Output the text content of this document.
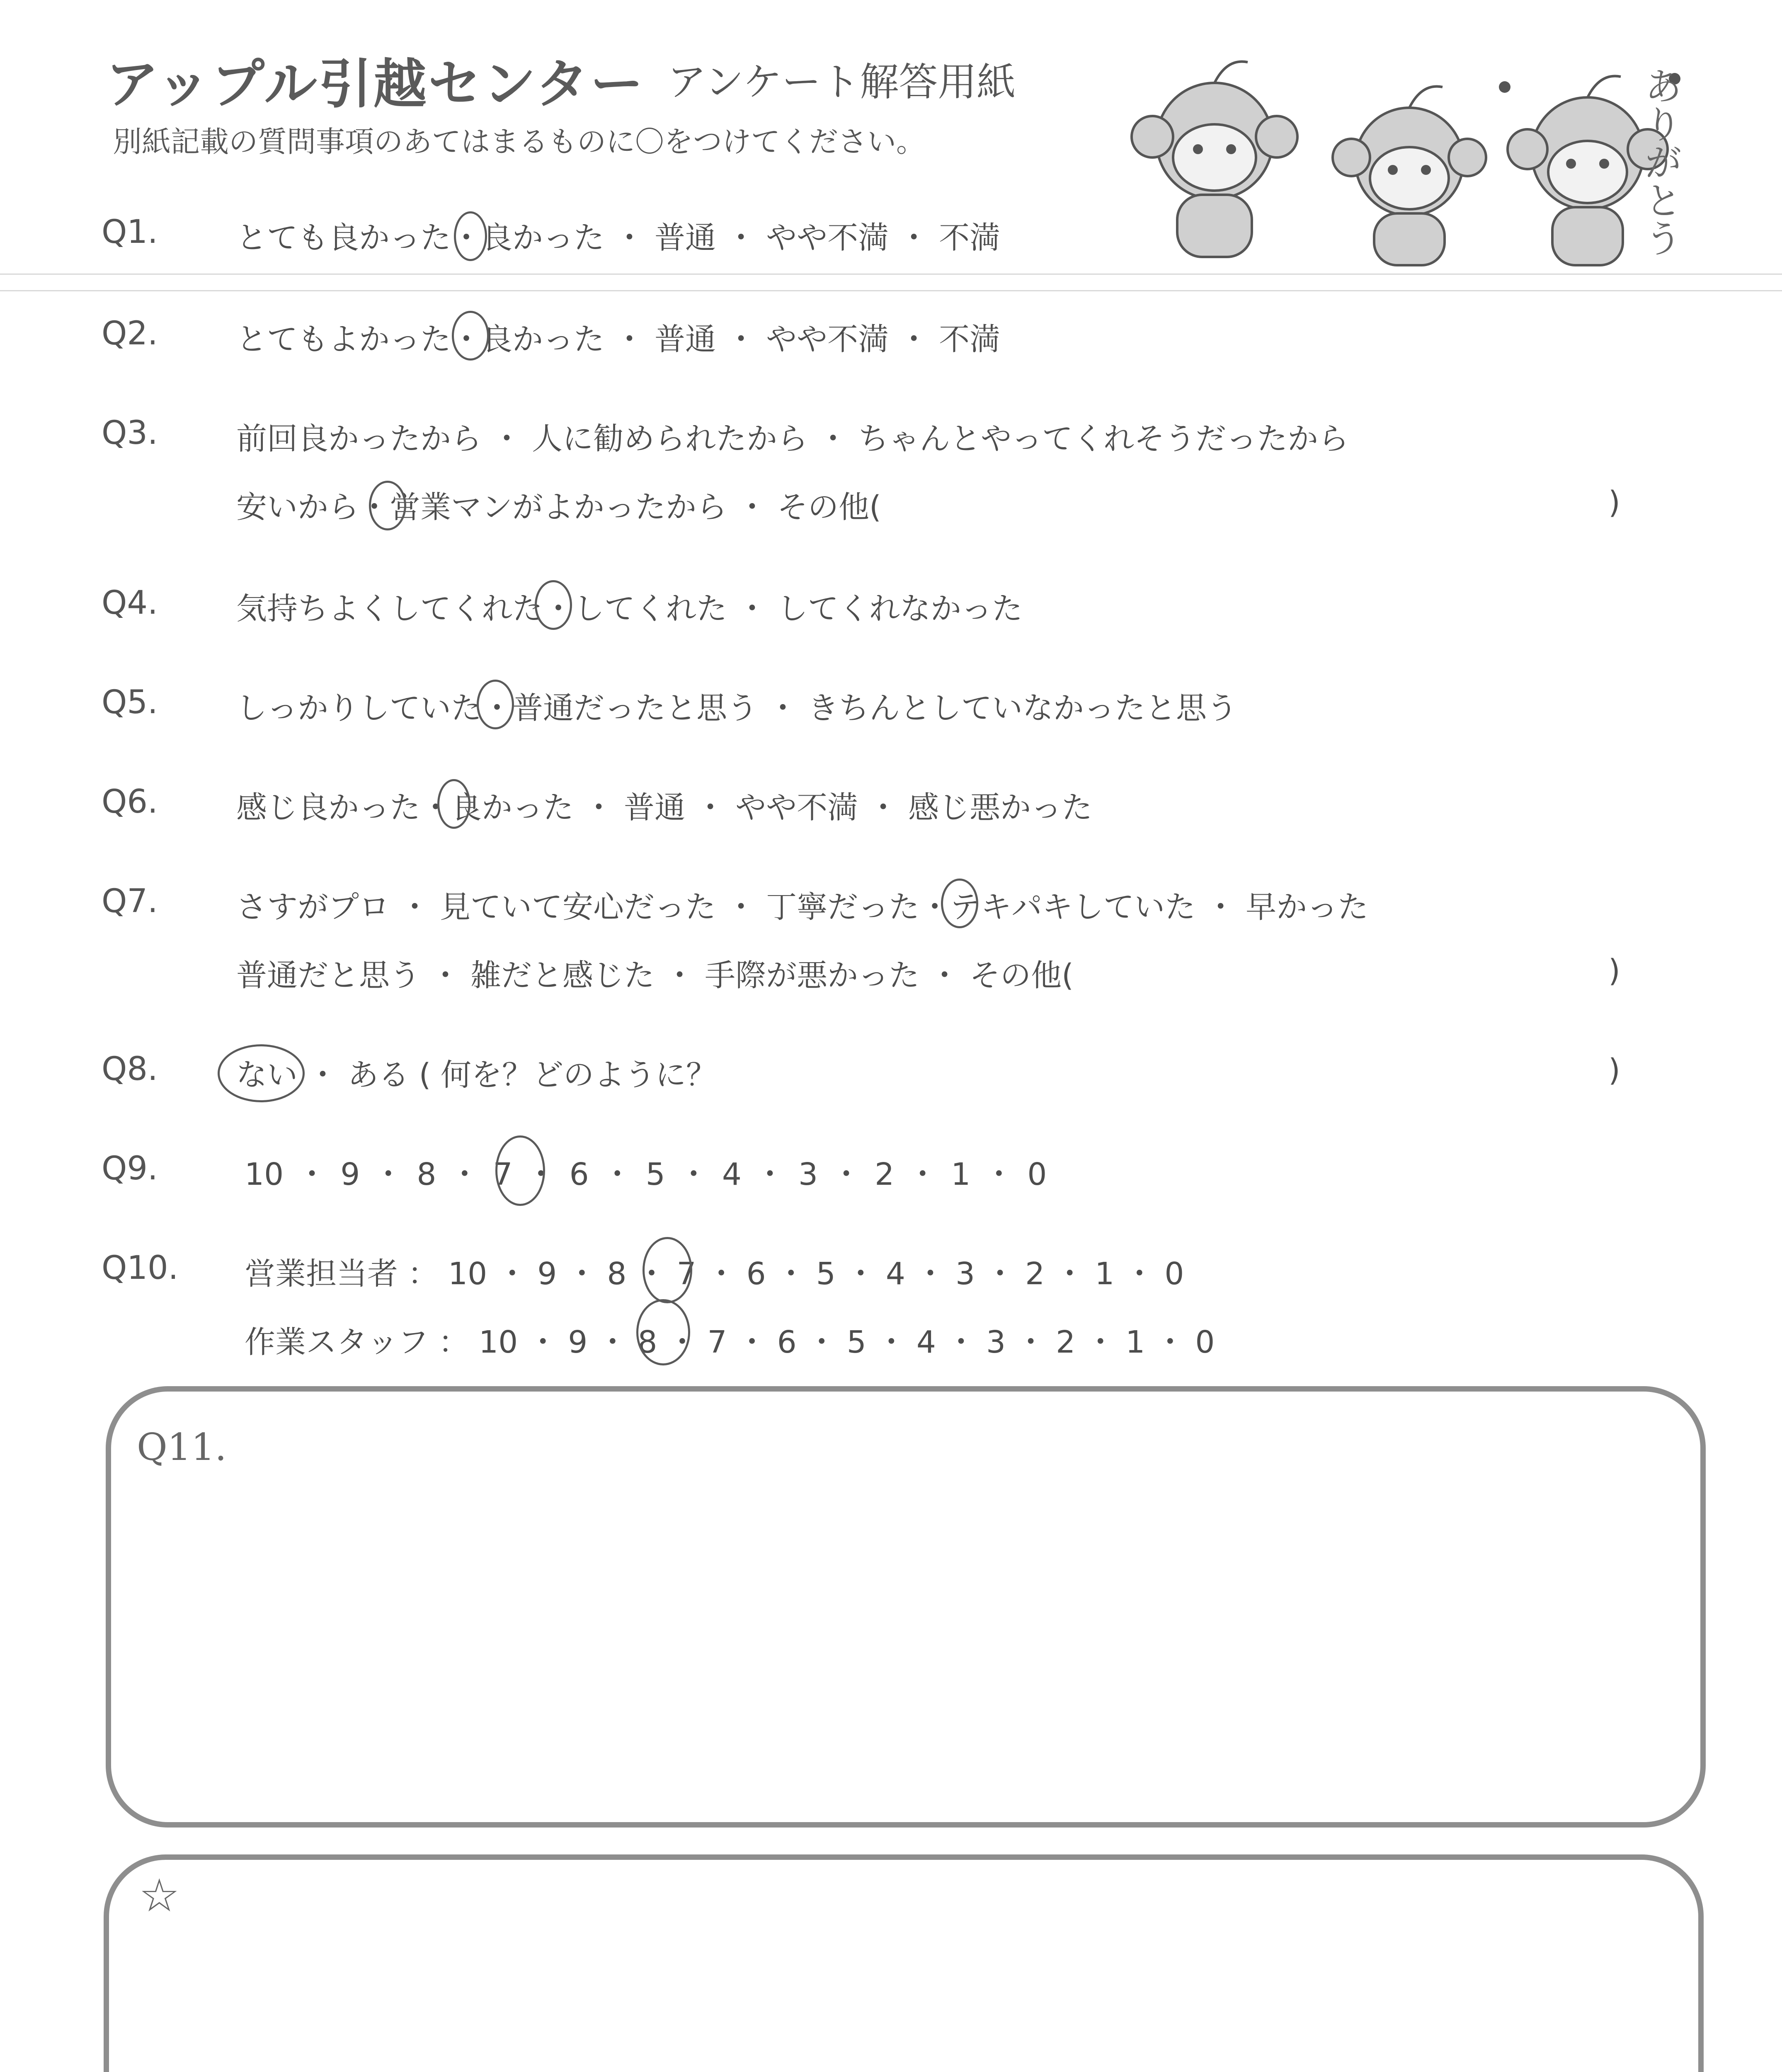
アップル引越センター アンケート解答用紙
別紙記載の質問事項のあてはまるものに〇をつけてください。	ありがとう
Q1.	とても良かった・良かった ・ 普通 ・ やや不満 ・ 不満
Q2.	とてもよかった・良かった ・ 普通 ・ やや不満 ・ 不満
Q3.	前回良かったから ・ 人に勧められたから ・ ちゃんとやってくれそうだったから
安いから・営業マンがよかったから ・ その他(	)
Q4.	気持ちよくしてくれた・してくれた ・ してくれなかった
Q5.	しっかりしていた・普通だったと思う ・ きちんとしていなかったと思う
Q6.	感じ良かった・良かった ・ 普通 ・ やや不満 ・ 感じ悪かった
Q7.	さすがプロ ・ 見ていて安心だった ・ 丁寧だった・テキパキしていた ・ 早かった
普通だと思う ・ 雑だと感じた ・ 手際が悪かった ・ その他(	)
Q8.	ない ・ ある ( 何を？どのように？	)
Q9.	10 ・ 9 ・ 8 ・ 7 ・ 6 ・ 5 ・ 4 ・ 3 ・ 2 ・ 1 ・ 0
Q10. 営業担当者 ： 10 ・ 9 ・ 8 ・ 7 ・ 6 ・ 5 ・ 4 ・ 3 ・ 2 ・ 1 ・ 0
作業スタッフ ： 10 ・ 9 ・ 8 ・ 7 ・ 6 ・ 5 ・ 4 ・ 3 ・ 2 ・ 1 ・ 0
Q11.
☆
